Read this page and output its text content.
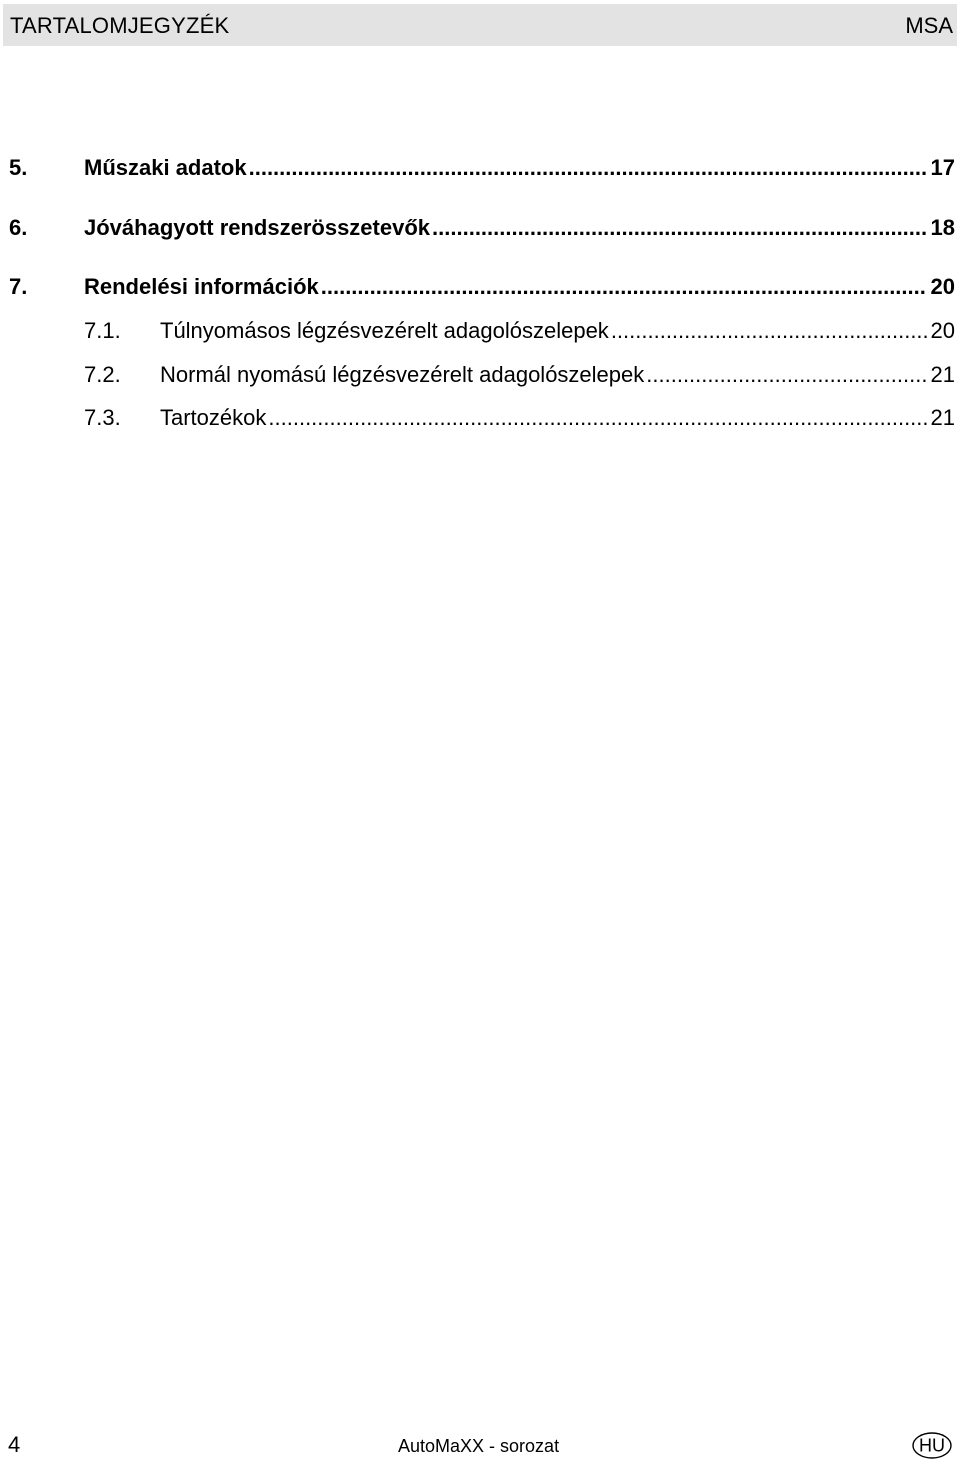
TARTALOMJEGYZÉK	MSA
5.	Műszaki adatok .....	17
6.	Jóváhagyott rendszerösszetevők .....	18
7.	Rendelési információk .....	20
7.1.	Túlnyomásos légzésvezérelt adagolószelepek .....	20
7.2.	Normál nyomású légzésvezérelt adagolószelepek .....	21
7.3.	Tartozékok .....	21
4	AutoMaXX - sorozat	HU
